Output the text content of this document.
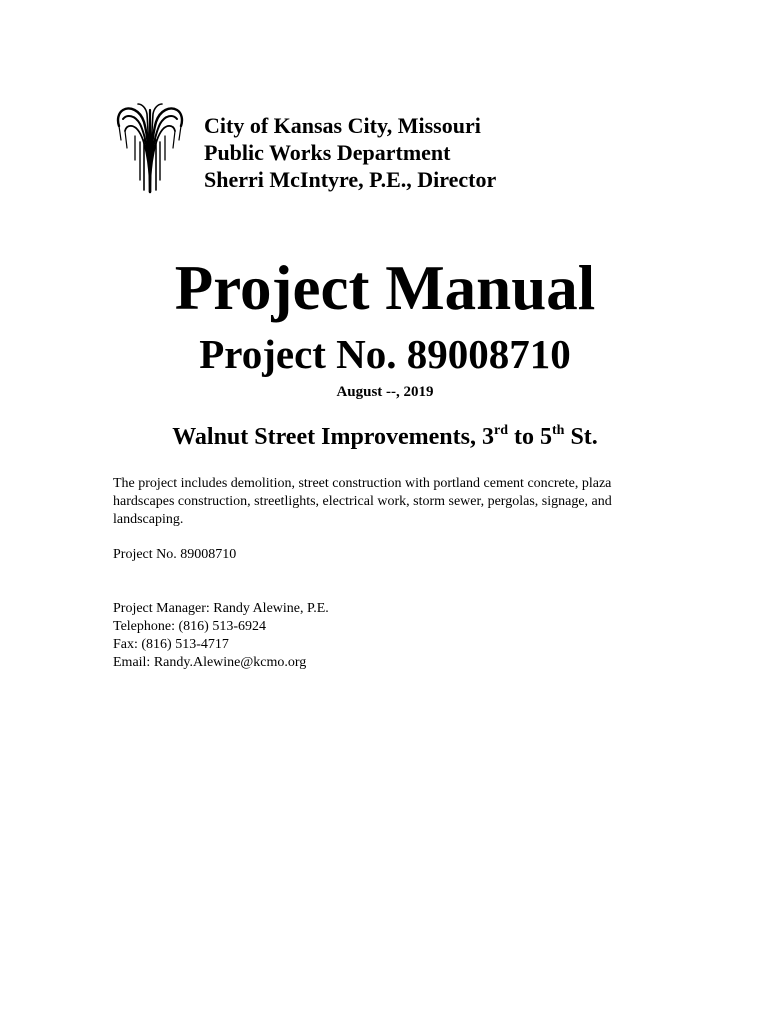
City of Kansas City, Missouri
Public Works Department
Sherri McIntyre, P.E., Director
Project Manual
Project No. 89008710
August --, 2019
Walnut Street Improvements, 3rd to 5th St.
The project includes demolition, street construction with portland cement concrete, plaza hardscapes construction, streetlights, electrical work, storm sewer, pergolas, signage, and landscaping.
Project No. 89008710
Project Manager: Randy Alewine, P.E.
Telephone: (816) 513-6924
Fax: (816) 513-4717
Email: Randy.Alewine@kcmo.org
